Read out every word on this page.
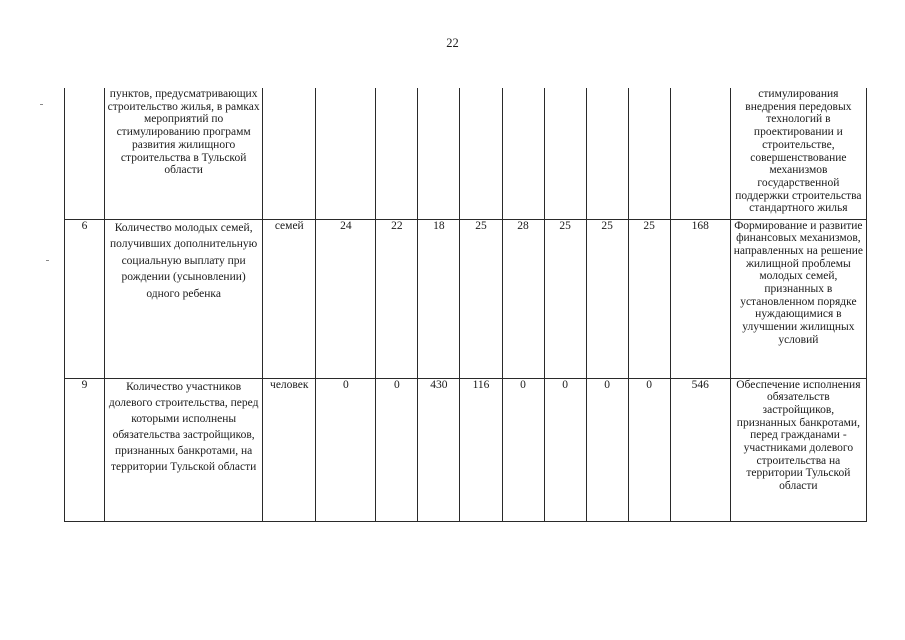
22
	пунктов, предусматривающих строительство жилья, в рамках мероприятий по стимулированию программ развития жилищного строительства в Тульской области											стимулирования внедрения передовых технологий в проектировании и строительстве, совершенствование механизмов государственной поддержки строительства стандартного жилья
6	Количество молодых семей, получивших дополнительную социальную выплату при рождении (усыновлении) одного ребенка	семей	24	22	18	25	28	25	25	25	168	Формирование и развитие финансовых механизмов, направленных на решение жилищной проблемы молодых семей, признанных в установленном порядке нуждающимися в улучшении жилищных условий
9	Количество участников долевого строительства, перед которыми исполнены обязательства застройщиков, признанных банкротами, на территории Тульской области	человек	0	0	430	116	0	0	0	0	546	Обеспечение исполнения обязательств застройщиков, признанных банкротами, перед гражданами - участниками долевого строительства на территории Тульской области
